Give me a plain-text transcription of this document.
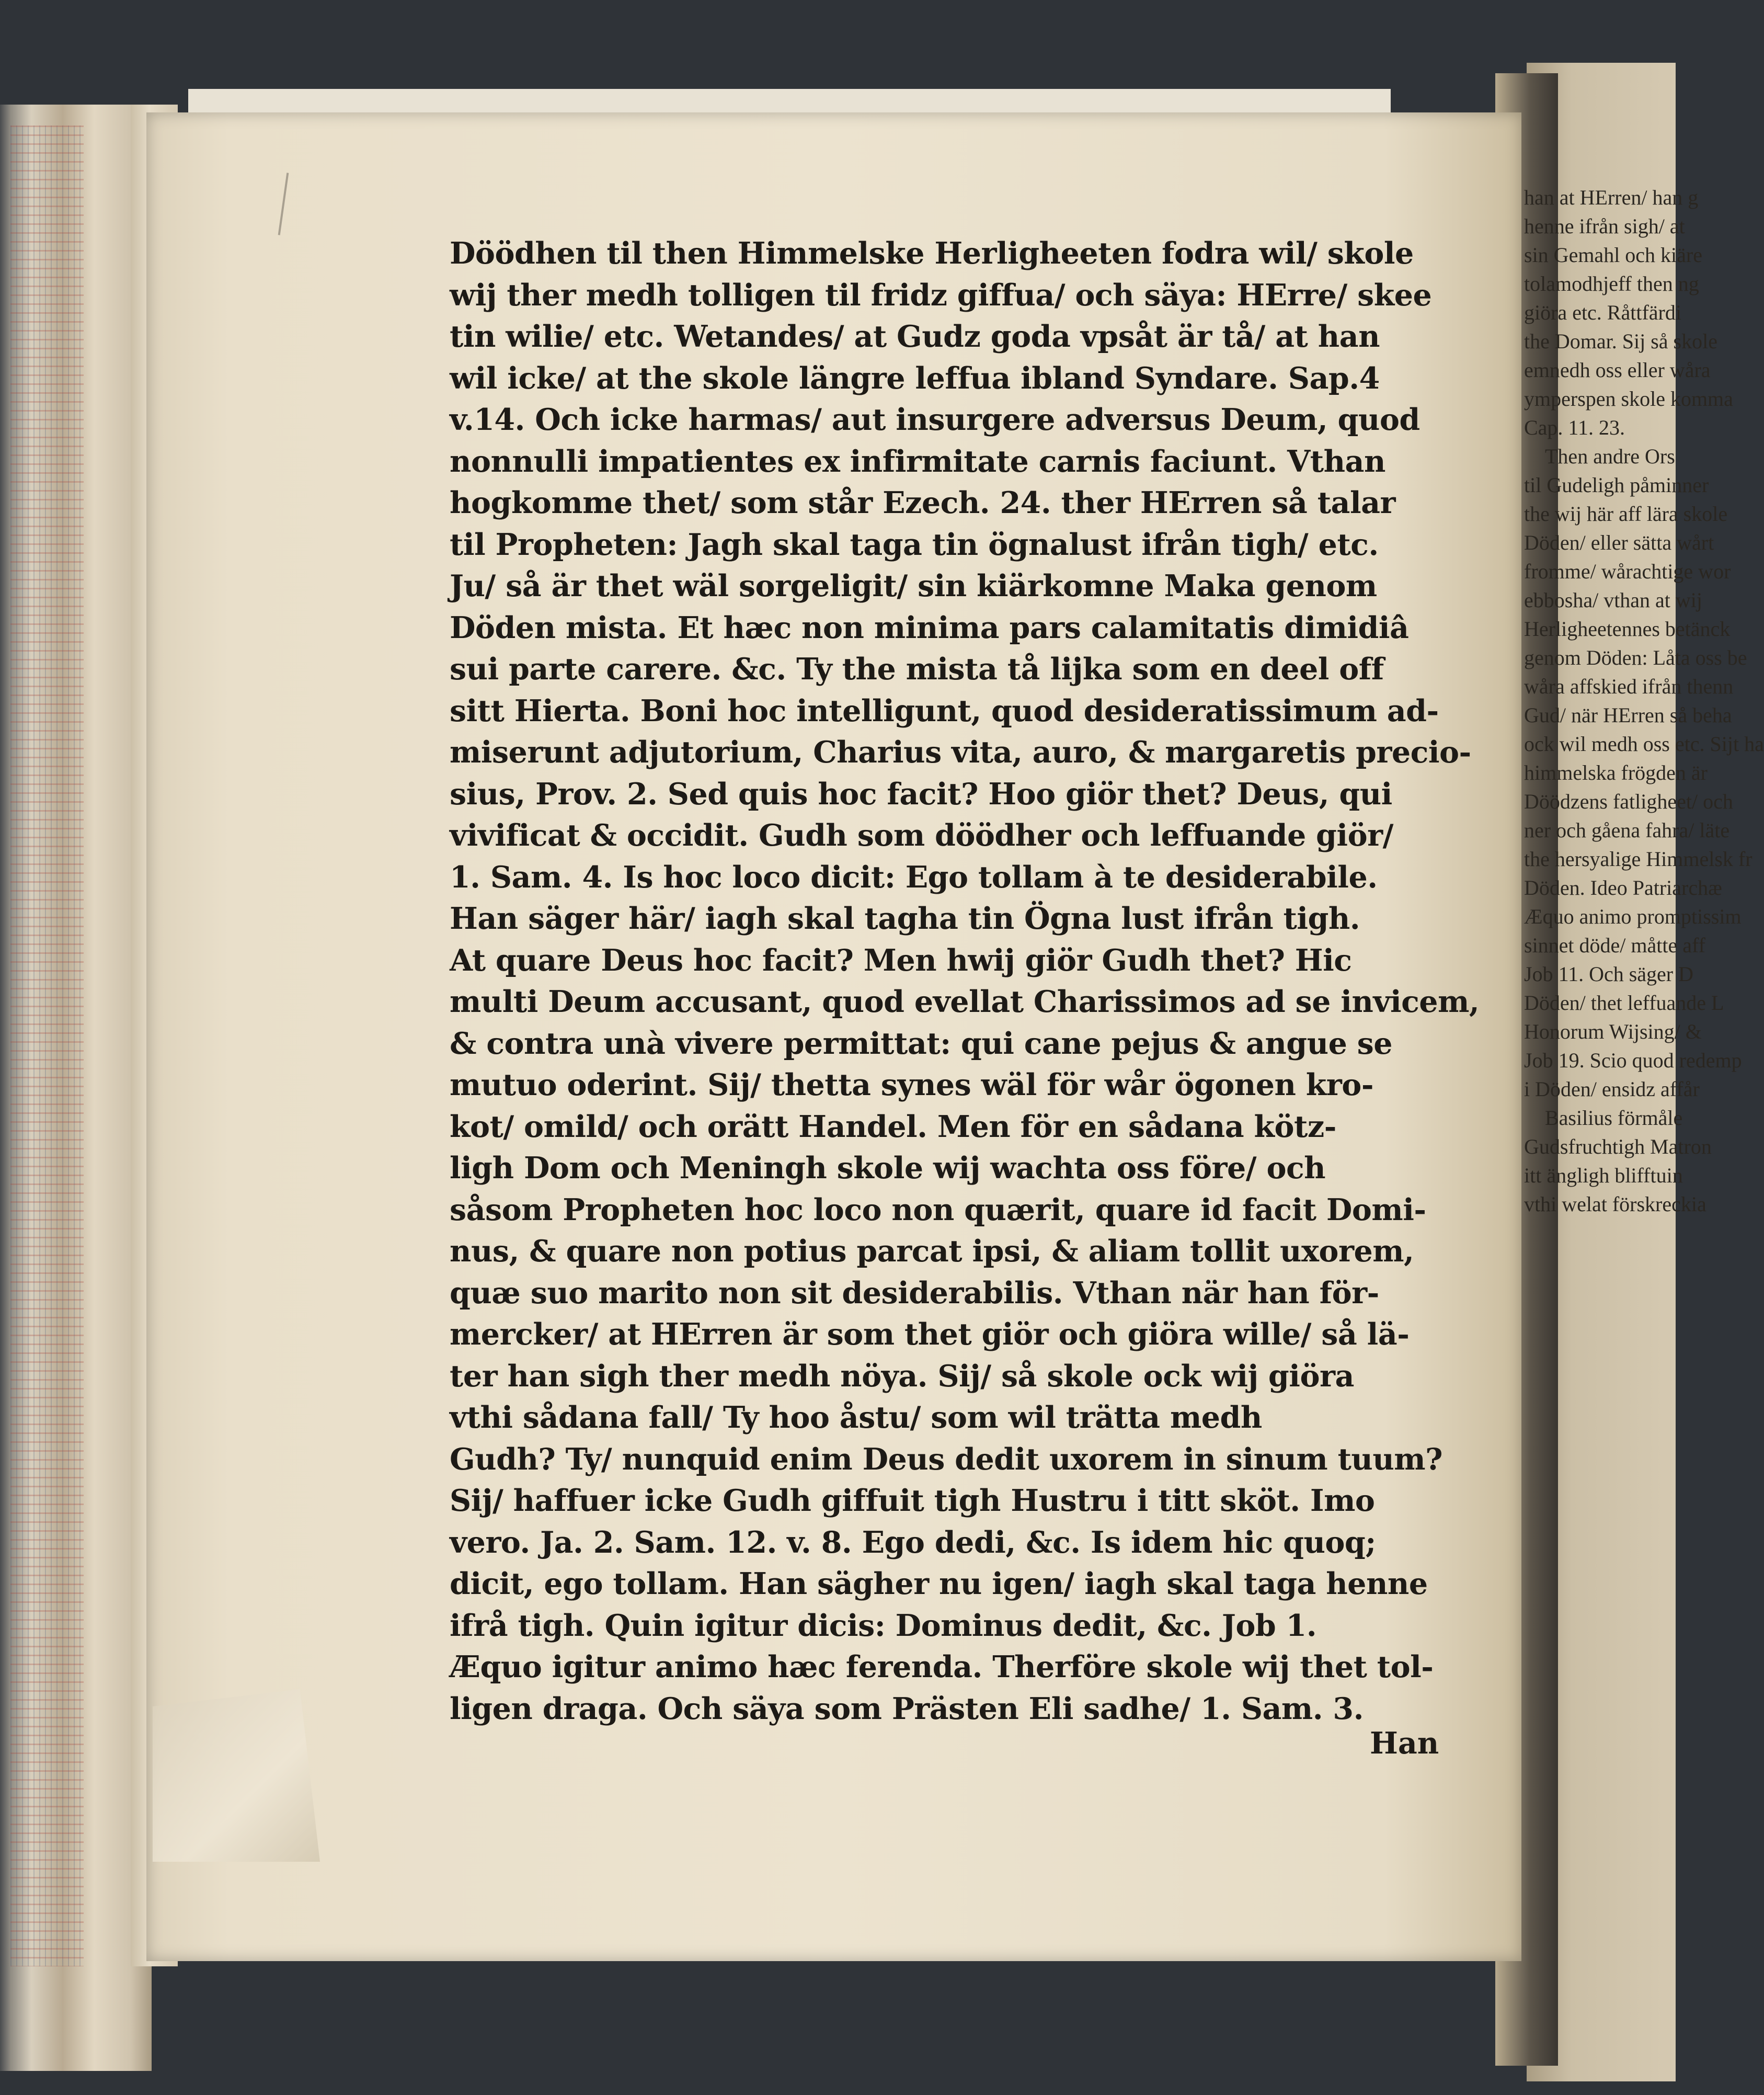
Döödhen til then Himmelske Herligheeten fodra wil/ skole
wij ther medh tolligen til fridz giffua/ och säya: HErre/ skee
tin wilie/ etc. Wetandes/ at Gudz goda vpsåt är tå/ at han
wil icke/ at the skole längre leffua ibland Syndare. Sap.4
v.14. Och icke harmas/ aut insurgere adversus Deum, quod
nonnulli impatientes ex infirmitate carnis faciunt. Vthan
hogkomme thet/ som står Ezech. 24. ther HErren så talar
til Propheten: Jagh skal taga tin ögnalust ifrån tigh/ etc.
Ju/ så är thet wäl sorgeligit/ sin kiärkomne Maka genom
Döden mista. Et hæc non minima pars calamitatis dimidiâ
sui parte carere. &c. Ty the mista tå lijka som en deel off
sitt Hierta. Boni hoc intelligunt, quod desideratissimum ad-
miserunt adjutorium, Charius vita, auro, & margaretis precio-
sius, Prov. 2. Sed quis hoc facit? Hoo giör thet? Deus, qui
vivificat & occidit. Gudh som döödher och leffuande giör/
1. Sam. 4. Is hoc loco dicit: Ego tollam à te desiderabile.
Han säger här/ iagh skal tagha tin Ögna lust ifrån tigh.
At quare Deus hoc facit? Men hwij giör Gudh thet? Hic
multi Deum accusant, quod evellat Charissimos ad se invicem,
& contra unà vivere permittat: qui cane pejus & angue se
mutuo oderint. Sij/ thetta synes wäl för wår ögonen kro-
kot/ omild/ och orätt Handel. Men för en sådana kötz-
ligh Dom och Meningh skole wij wachta oss före/ och
såsom Propheten hoc loco non quærit, quare id facit Domi-
nus, & quare non potius parcat ipsi, & aliam tollit uxorem,
quæ suo marito non sit desiderabilis. Vthan när han för-
mercker/ at HErren är som thet giör och giöra wille/ så lä-
ter han sigh ther medh nöya. Sij/ så skole ock wij giöra
vthi sådana fall/ Ty hoo åstu/ som wil trätta medh
Gudh? Ty/ nunquid enim Deus dedit uxorem in sinum tuum?
Sij/ haffuer icke Gudh giffuit tigh Hustru i titt sköt. Imo
vero. Ja. 2. Sam. 12. v. 8. Ego dedi, &c. Is idem hic quoq;
dicit, ego tollam. Han sägher nu igen/ iagh skal taga henne
ifrå tigh. Quin igitur dicis: Dominus dedit, &c. Job 1.
Æquo igitur animo hæc ferenda. Therföre skole wij thet tol-
ligen draga. Och säya som Prästen Eli sadhe/ 1. Sam. 3.
Han
han at HErren/ han g
henne ifrån sigh/ at
sin Gemahl och kiäre
tolamodhjeff then ng
giöra etc. Råttfärdi
the Domar. Sij så skole
emnedh oss eller wåra
ymperspen skole komma
Cap. 11. 23.
Then andre Ors
til Gudeligh påminner
the wij här aff lära skole
Döden/ eller sätta wårt
fromme/ wårachtige wor
ebbosha/ vthan at wij
Herligheetennes betänck
genom Döden: Låta oss be
wåra affskied ifrån thenn
Gud/ när HErren så beha
ock wil medh oss etc. Sijt ha
himmelska frögden är
Döödzens fatligheet/ och
ner och gåena fahra/ läte
the hersyalige Himmelsk fr
Döden. Ideo Patriarchæ
Æquo animo promptissim
sinnet döde/ måtte aff
Job 11. Och säger D
Döden/ thet leffuande L
Honorum Wijsing/ &
Job 19. Scio quod redemp
i Döden/ ensidz affår
Basilius förmåle
Gudsfruchtigh Matron
itt ängligh blifftuin
vthi welat förskreckia
